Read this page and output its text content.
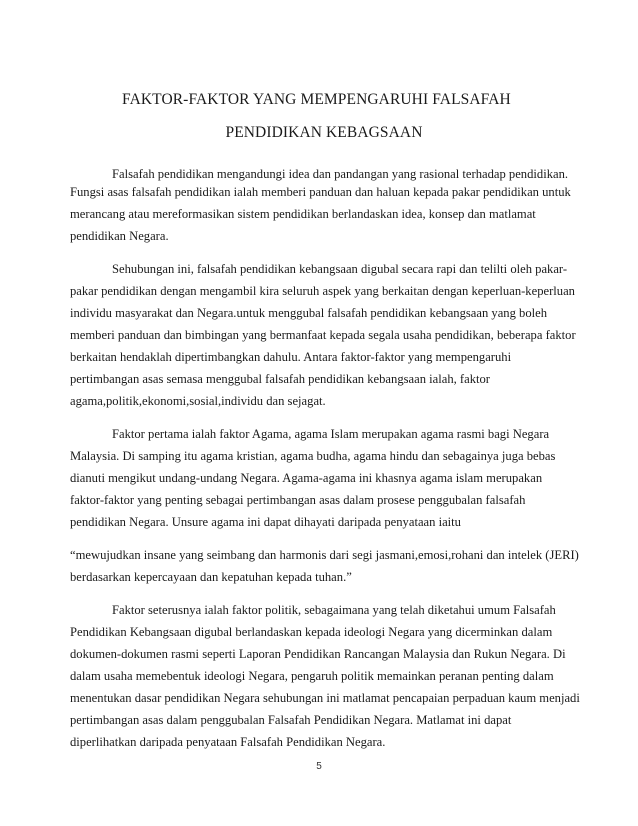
FAKTOR-FAKTOR YANG MEMPENGARUHI FALSAFAH
PENDIDIKAN KEBAGSAAN
Falsafah pendidikan mengandungi idea dan pandangan yang rasional terhadap pendidikan.
Fungsi asas falsafah pendidikan ialah memberi panduan dan haluan kepada pakar pendidikan untuk
merancang atau mereformasikan sistem pendidikan berlandaskan idea, konsep dan matlamat
pendidikan Negara.
Sehubungan ini, falsafah pendidikan kebangsaan digubal secara rapi dan telilti oleh pakar-
pakar pendidikan dengan mengambil kira seluruh aspek yang berkaitan dengan keperluan-keperluan
individu masyarakat dan Negara.untuk menggubal falsafah pendidikan kebangsaan yang boleh
memberi panduan dan bimbingan yang bermanfaat kepada segala usaha pendidikan, beberapa faktor
berkaitan hendaklah dipertimbangkan dahulu. Antara faktor-faktor yang mempengaruhi
pertimbangan asas semasa menggubal falsafah pendidikan kebangsaan ialah, faktor
agama,politik,ekonomi,sosial,individu dan sejagat.
Faktor pertama ialah faktor Agama, agama Islam merupakan agama rasmi bagi Negara
Malaysia. Di samping itu agama kristian, agama budha, agama hindu dan sebagainya juga bebas
dianuti mengikut undang-undang Negara. Agama-agama ini khasnya agama islam merupakan
faktor-faktor yang penting sebagai pertimbangan asas dalam prosese penggubalan falsafah
pendidikan Negara. Unsure agama ini dapat dihayati daripada penyataan iaitu
“mewujudkan insane yang seimbang dan harmonis dari segi jasmani,emosi,rohani dan intelek (JERI)
berdasarkan kepercayaan dan kepatuhan kepada tuhan.”
Faktor seterusnya ialah faktor politik, sebagaimana yang telah diketahui umum Falsafah
Pendidikan Kebangsaan digubal berlandaskan kepada ideologi Negara yang dicerminkan dalam
dokumen-dokumen rasmi seperti Laporan Pendidikan Rancangan Malaysia dan Rukun Negara. Di
dalam usaha memebentuk ideologi Negara, pengaruh politik memainkan peranan penting dalam
menentukan dasar pendidikan Negara sehubungan ini matlamat pencapaian perpaduan kaum menjadi
pertimbangan asas dalam penggubalan Falsafah Pendidikan Negara. Matlamat ini dapat
diperlihatkan daripada penyataan Falsafah Pendidikan Negara.
5
